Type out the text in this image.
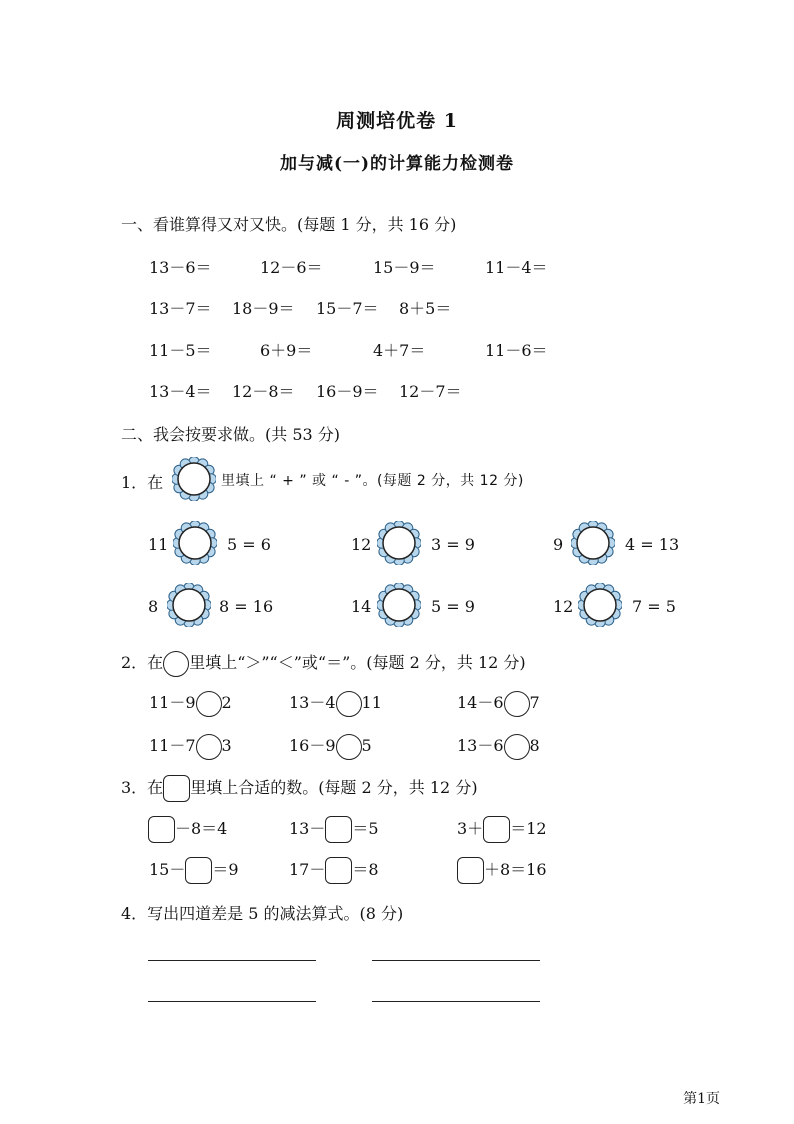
周测培优卷 1
加与减(一)的计算能力检测卷
一、看谁算得又对又快。(每题 1 分，共 16 分)
13－6＝	12－6＝	15－9＝	11－4＝
13－7＝ 18－9＝ 15－7＝ 8＋5＝
11－5＝	6＋9＝	4＋7＝	11－6＝
13－4＝ 12－8＝ 16－9＝ 12－7＝
二、我会按要求做。(共 53 分)
1．在	里填上 “ + ” 或 “ - ”。(每题 2 分，共 12 分)
11	5 = 6	12	3 = 9	9	4 = 13
8	8 = 16	14	5 = 9	12	7 = 5
2．在 里填上“＞”“＜”或“＝”。(每题 2 分，共 12 分)
11－9 2	13－4 11	14－6 7
11－7 3	16－9 5	13－6 8
3．在 里填上合适的数。(每题 2 分，共 12 分)
－8＝4	13－ ＝5	3＋ ＝12
15－ ＝9	17－ ＝8	＋8＝16
4．写出四道差是 5 的减法算式。(8 分)
第1页
